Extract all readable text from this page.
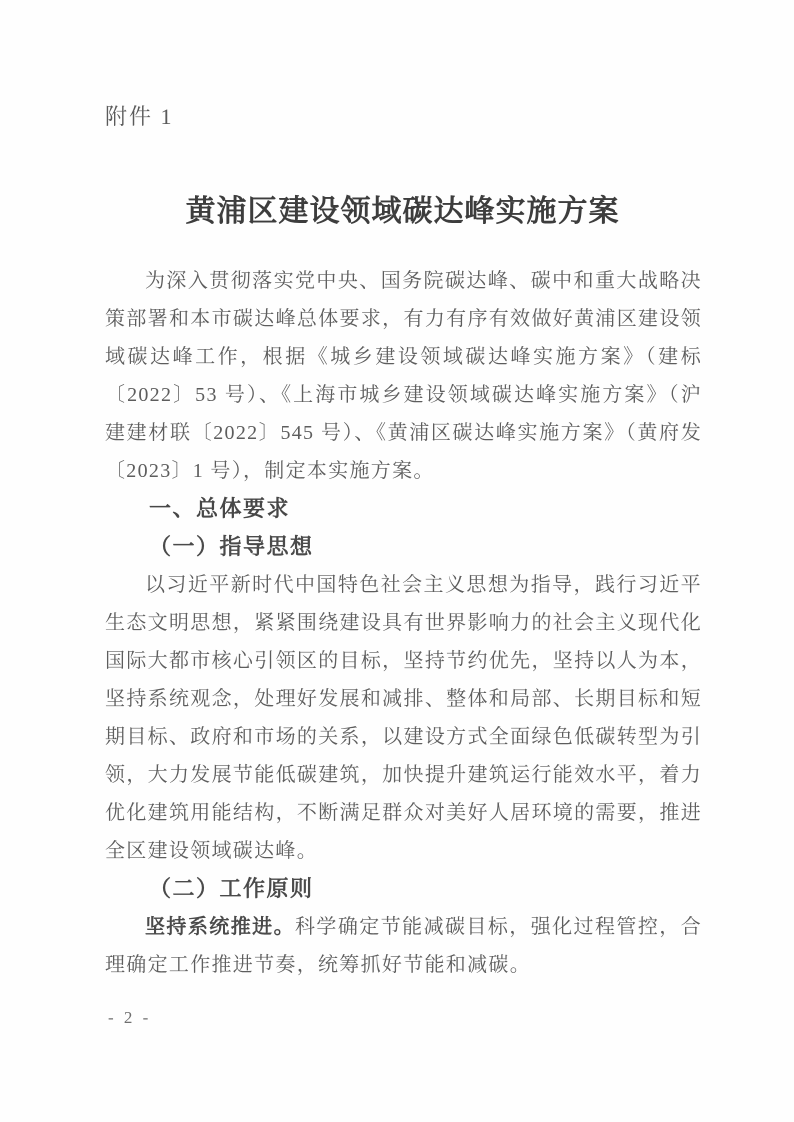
附件 1
黄浦区建设领域碳达峰实施方案

为深入贯彻落实党中央、国务院碳达峰、碳中和重大战略决策部署和本市碳达峰总体要求，有力有序有效做好黄浦区建设领域碳达峰工作，根据《城乡建设领域碳达峰实施方案》（建标〔2022〕53 号）、《上海市城乡建设领域碳达峰实施方案》（沪建建材联〔2022〕545 号）、《黄浦区碳达峰实施方案》（黄府发〔2023〕1 号），制定本实施方案。

一、总体要求
（一）指导思想

以习近平新时代中国特色社会主义思想为指导，践行习近平生态文明思想，紧紧围绕建设具有世界影响力的社会主义现代化国际大都市核心引领区的目标，坚持节约优先，坚持以人为本，坚持系统观念，处理好发展和减排、整体和局部、长期目标和短期目标、政府和市场的关系，以建设方式全面绿色低碳转型为引领，大力发展节能低碳建筑，加快提升建筑运行能效水平，着力优化建筑用能结构，不断满足群众对美好人居环境的需要，推进全区建设领域碳达峰。

（二）工作原则

坚持系统推进。科学确定节能减碳目标，强化过程管控，合理确定工作推进节奏，统筹抓好节能和减碳。

- 2 -
